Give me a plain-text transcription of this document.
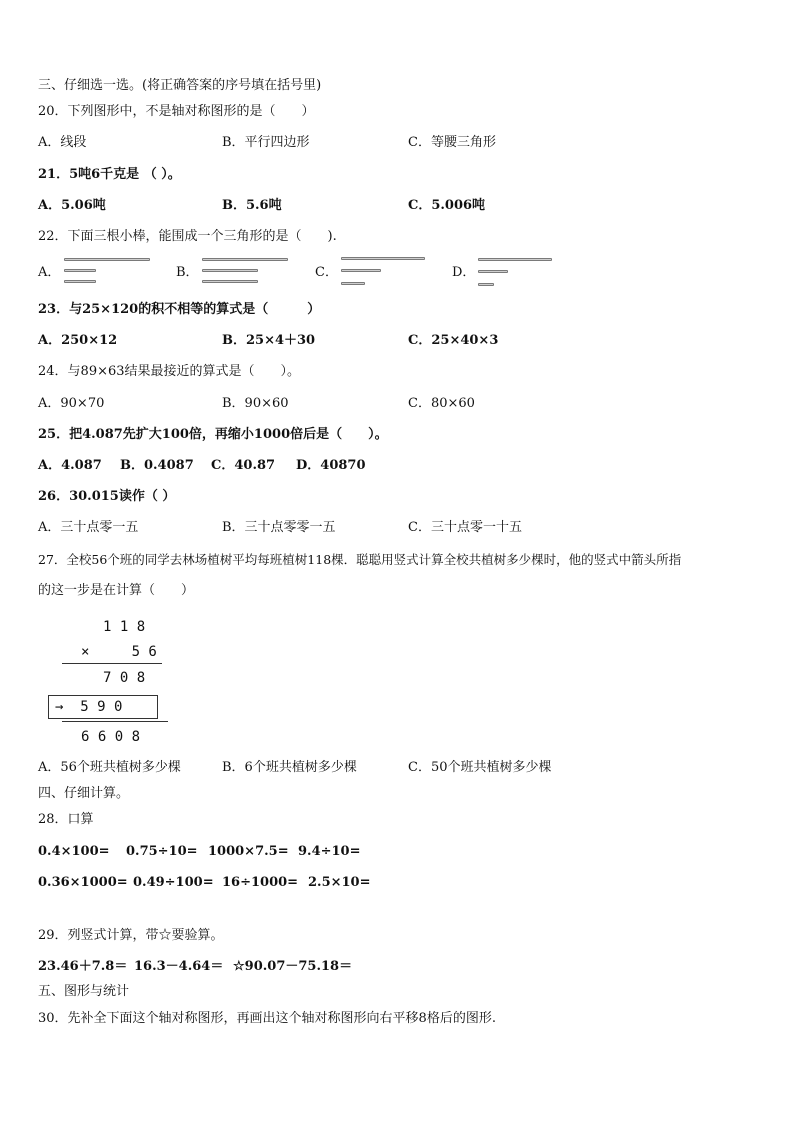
三、仔细选一选。(将正确答案的序号填在括号里)
20．下列图形中，不是轴对称图形的是（　　）
A．线段	B．平行四边形	C．等腰三角形
21．5吨6千克是 （ ）。
A．5.06吨	B．5.6吨	C．5.006吨
22．下面三根小棒，能围成一个三角形的是（　　).
A．	B．	C．	D．
23．与25×120的积不相等的算式是（　　　）
A．250×12	B．25×4＋30	C．25×40×3
24．与89×63结果最接近的算式是（　　）。
A．90×70	B．90×60	C．80×60
25．把4.087先扩大100倍，再缩小1000倍后是（　　）。
A．4.087 B．0.4087 C．40.87 D．40870
26．30.015读作（ ）
A．三十点零一五	B．三十点零零一五	C．三十点零一十五
27．全校56个班的同学去林场植树平均每班植树118棵．聪聪用竖式计算全校共植树多少棵时，他的竖式中箭头所指
的这一步是在计算（　　）
1 1 8
×     5 6
7 0 8
→  5 9 0
6 6 0 8
A．56个班共植树多少棵	B．6个班共植树多少棵	C．50个班共植树多少棵
四、仔细计算。
28．口算
0.4×100= 0.75÷10= 1000×7.5= 9.4÷10=
0.36×1000= 0.49÷100= 16÷1000= 2.5×10=
29．列竖式计算，带☆要验算。
23.46＋7.8＝ 16.3－4.64＝ ☆90.07－75.18＝
五、图形与统计
30．先补全下面这个轴对称图形，再画出这个轴对称图形向右平移8格后的图形.
